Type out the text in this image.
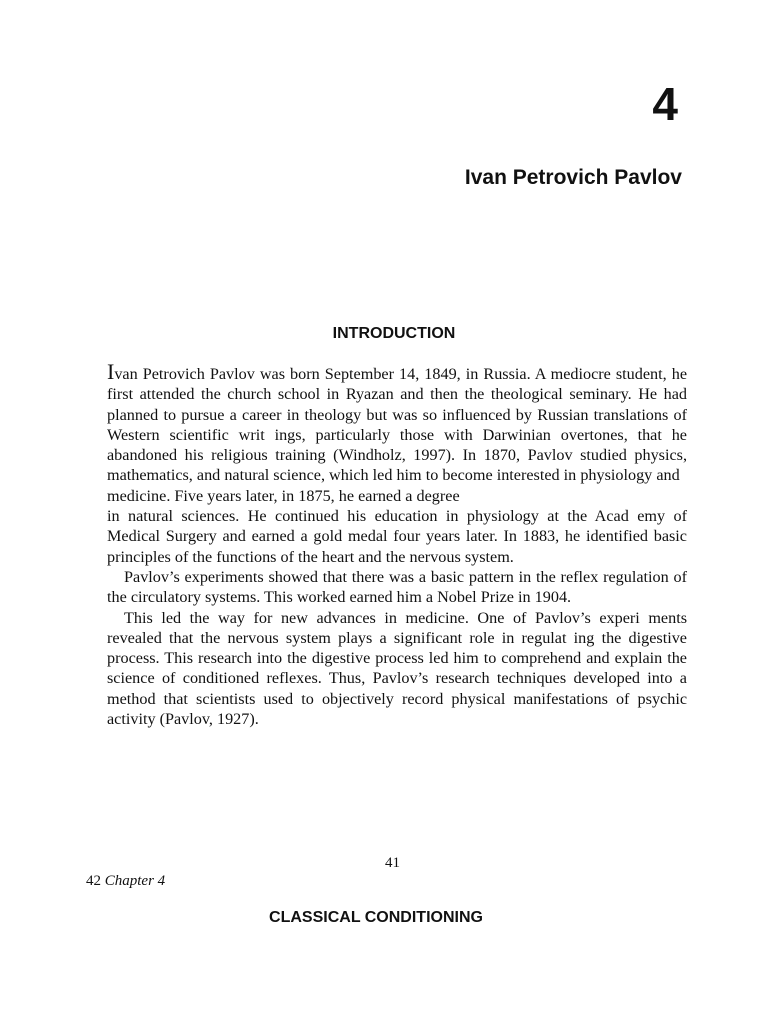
4
Ivan Petrovich Pavlov
INTRODUCTION

Ivan Petrovich Pavlov was born September 14, 1849, in Russia. A mediocre student, he first attended the church school in Ryazan and then the theological seminary. He had planned to pursue a career in theology but was so influenced by Russian translations of Western scientific writ ings, particularly those with Darwinian overtones, that he abandoned his religious training (Windholz, 1997). In 1870, Pavlov studied physics, mathematics, and natural science, which led him to become interested in physiology and

medicine. Five years later, in 1875, he earned a degree

in natural sciences. He continued his education in physiology at the Acad emy of Medical Surgery and earned a gold medal four years later. In 1883, he identified basic principles of the functions of the heart and the nervous system.

Pavlov’s experiments showed that there was a basic pattern in the reflex regulation of the circulatory systems. This worked earned him a Nobel Prize in 1904.

This led the way for new advances in medicine. One of Pavlov’s experi ments revealed that the nervous system plays a significant role in regulat ing the digestive process. This research into the digestive process led him to comprehend and explain the science of conditioned reflexes. Thus, Pavlov’s research techniques developed into a method that scientists used to objectively record physical manifestations of psychic activity (Pavlov, 1927).

41
42 Chapter 4
CLASSICAL CONDITIONING
